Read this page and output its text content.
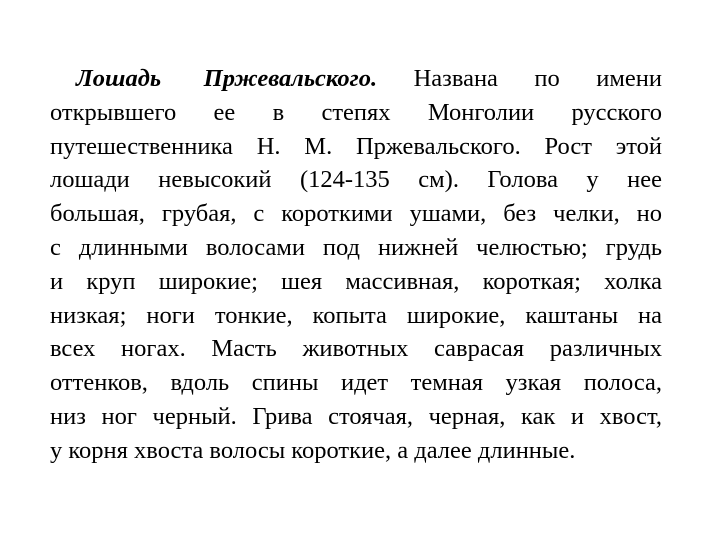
Лошадь Пржевальского. Названа по имени
открывшего ее в степях Монголии русского
путешественника Н. М. Пржевальского. Рост этой
лошади невысокий (124-135 см). Голова у нее
большая, грубая, с короткими ушами, без челки, но
с длинными волосами под нижней челюстью; грудь
и круп широкие; шея массивная, короткая; холка
низкая; ноги тонкие, копыта широкие, каштаны на
всех ногах. Масть животных саврасая различных
оттенков, вдоль спины идет темная узкая полоса,
низ ног черный. Грива стоячая, черная, как и хвост,
у корня хвоста волосы короткие, а далее длинные.
